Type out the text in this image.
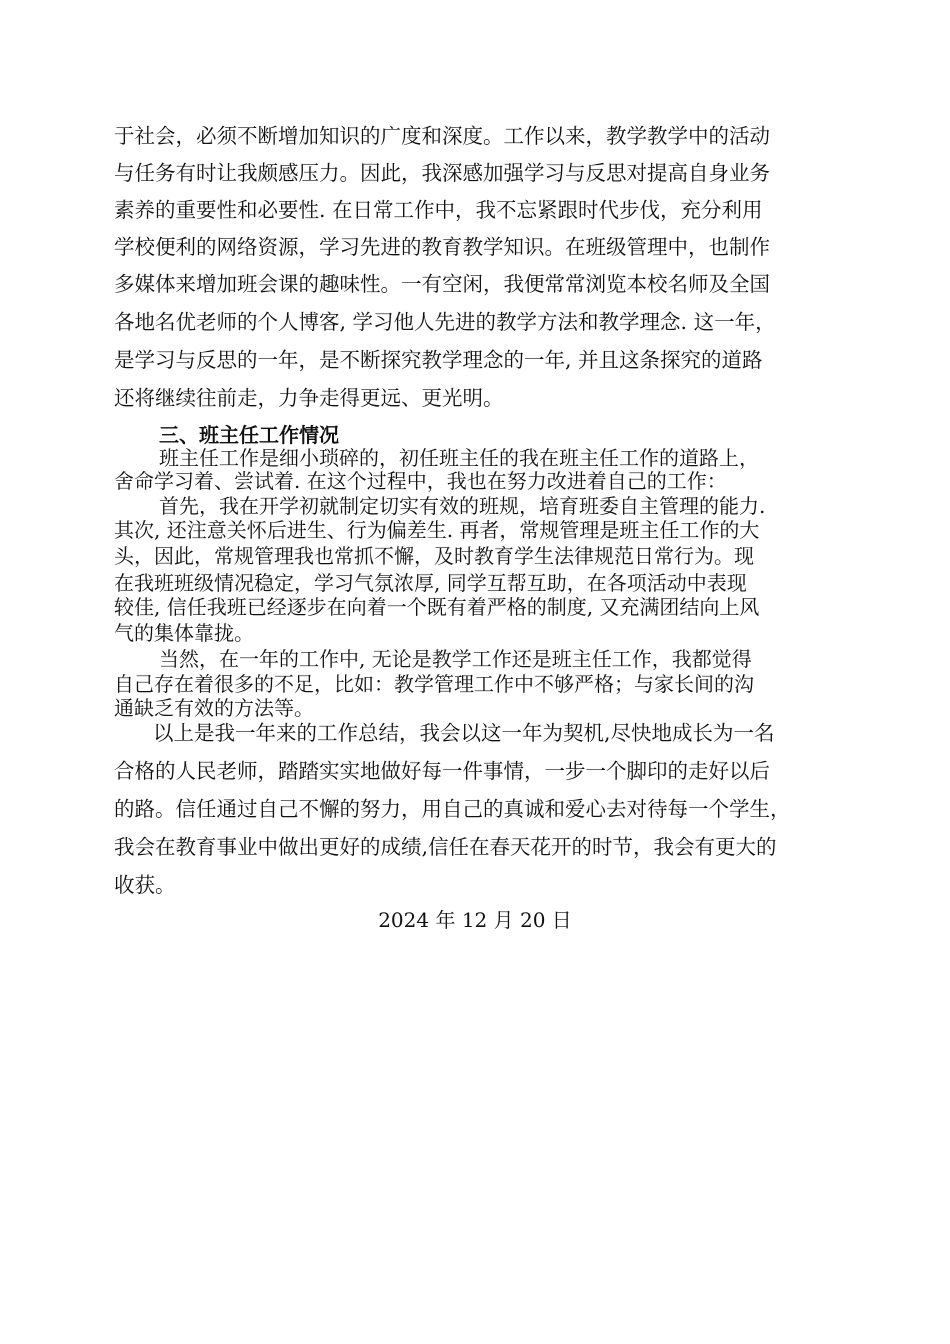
于社会，必须不断增加知识的广度和深度。工作以来，教学教学中的活动
与任务有时让我颇感压力。因此，我深感加强学习与反思对提高自身业务
素养的重要性和必要性. 在日常工作中，我不忘紧跟时代步伐，充分利用
学校便利的网络资源，学习先进的教育教学知识。在班级管理中，也制作
多媒体来增加班会课的趣味性。一有空闲，我便常常浏览本校名师及全国
各地名优老师的个人博客, 学习他人先进的教学方法和教学理念. 这一年，
是学习与反思的一年，是不断探究教学理念的一年, 并且这条探究的道路
还将继续往前走，力争走得更远、更光明。
三、班主任工作情况
班主任工作是细小琐碎的，初任班主任的我在班主任工作的道路上，
舍命学习着、尝试着. 在这个过程中，我也在努力改进着自己的工作：
首先，我在开学初就制定切实有效的班规，培育班委自主管理的能力.
其次, 还注意关怀后进生、行为偏差生. 再者，常规管理是班主任工作的大
头，因此，常规管理我也常抓不懈，及时教育学生法律规范日常行为。现
在我班班级情况稳定，学习气氛浓厚, 同学互帮互助，在各项活动中表现
较佳, 信任我班已经逐步在向着一个既有着严格的制度, 又充满团结向上风
气的集体靠拢。
当然，在一年的工作中, 无论是教学工作还是班主任工作，我都觉得
自己存在着很多的不足，比如：教学管理工作中不够严格；与家长间的沟
通缺乏有效的方法等。
以上是我一年来的工作总结，我会以这一年为契机,尽快地成长为一名
合格的人民老师，踏踏实实地做好每一件事情，一步一个脚印的走好以后
的路。信任通过自己不懈的努力，用自己的真诚和爱心去对待每一个学生，
我会在教育事业中做出更好的成绩,信任在春天花开的时节，我会有更大的
收获。
2024 年 12 月 20 日
